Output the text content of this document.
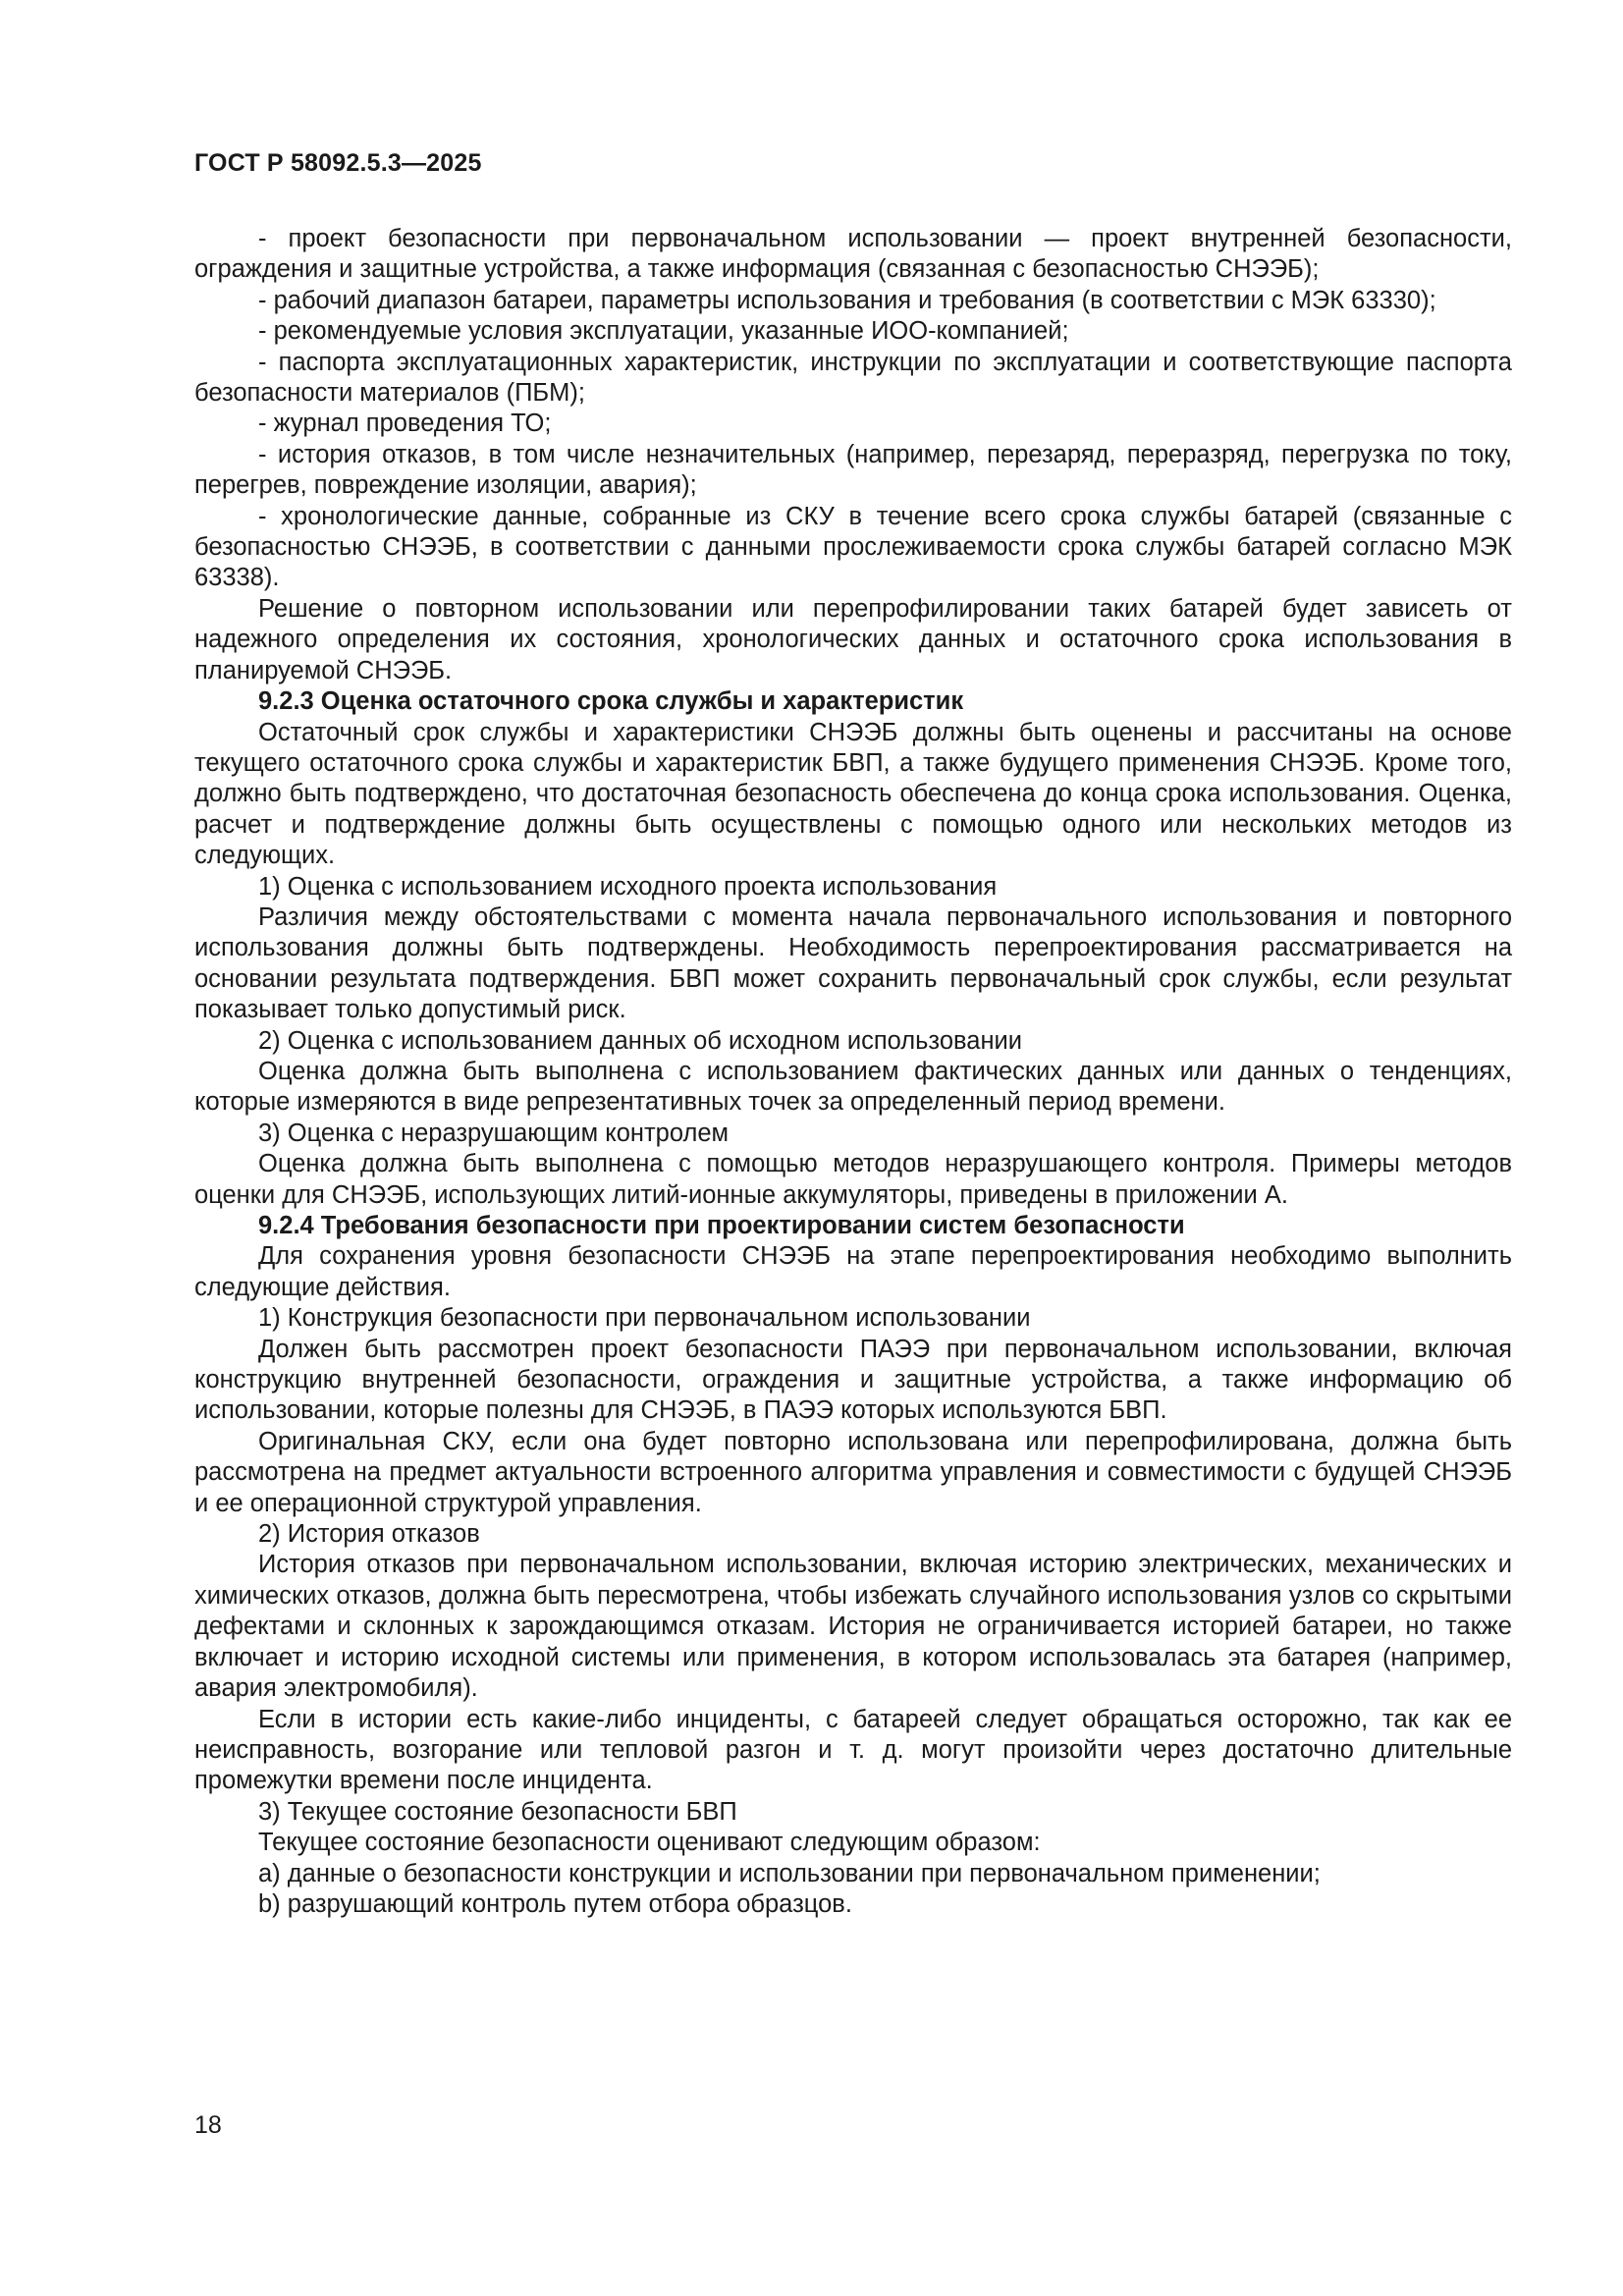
ГОСТ Р 58092.5.3—2025

- проект безопасности при первоначальном использовании — проект внутренней безопасности, ограждения и защитные устройства, а также информация (связанная с безопасностью СНЭЭБ);

- рабочий диапазон батареи, параметры использования и требования (в соответствии с МЭК 63330);

- рекомендуемые условия эксплуатации, указанные ИОО-компанией;

- паспорта эксплуатационных характеристик, инструкции по эксплуатации и соответствующие паспорта безопасности материалов (ПБМ);

- журнал проведения ТО;

- история отказов, в том числе незначительных (например, перезаряд, переразряд, перегрузка по току, перегрев, повреждение изоляции, авария);

- хронологические данные, собранные из СКУ в течение всего срока службы батарей (связанные с безопасностью СНЭЭБ, в соответствии с данными прослеживаемости срока службы батарей согласно МЭК 63338).

Решение о повторном использовании или перепрофилировании таких батарей будет зависеть от надежного определения их состояния, хронологических данных и остаточного срока использования в планируемой СНЭЭБ.

9.2.3 Оценка остаточного срока службы и характеристик

Остаточный срок службы и характеристики СНЭЭБ должны быть оценены и рассчитаны на основе текущего остаточного срока службы и характеристик БВП, а также будущего применения СНЭЭБ. Кроме того, должно быть подтверждено, что достаточная безопасность обеспечена до конца срока использования. Оценка, расчет и подтверждение должны быть осуществлены с помощью одного или нескольких методов из следующих.

1) Оценка с использованием исходного проекта использования

Различия между обстоятельствами с момента начала первоначального использования и повторного использования должны быть подтверждены. Необходимость перепроектирования рассматривается на основании результата подтверждения. БВП может сохранить первоначальный срок службы, если результат показывает только допустимый риск.

2) Оценка с использованием данных об исходном использовании

Оценка должна быть выполнена с использованием фактических данных или данных о тенденциях, которые измеряются в виде репрезентативных точек за определенный период времени.

3) Оценка с неразрушающим контролем

Оценка должна быть выполнена с помощью методов неразрушающего контроля. Примеры методов оценки для СНЭЭБ, использующих литий-ионные аккумуляторы, приведены в приложении А.

9.2.4 Требования безопасности при проектировании систем безопасности

Для сохранения уровня безопасности СНЭЭБ на этапе перепроектирования необходимо выполнить следующие действия.

1) Конструкция безопасности при первоначальном использовании

Должен быть рассмотрен проект безопасности ПАЭЭ при первоначальном использовании, включая конструкцию внутренней безопасности, ограждения и защитные устройства, а также информацию об использовании, которые полезны для СНЭЭБ, в ПАЭЭ которых используются БВП.

Оригинальная СКУ, если она будет повторно использована или перепрофилирована, должна быть рассмотрена на предмет актуальности встроенного алгоритма управления и совместимости с будущей СНЭЭБ и ее операционной структурой управления.

2) История отказов

История отказов при первоначальном использовании, включая историю электрических, механических и химических отказов, должна быть пересмотрена, чтобы избежать случайного использования узлов со скрытыми дефектами и склонных к зарождающимся отказам. История не ограничивается историей батареи, но также включает и историю исходной системы или применения, в котором использовалась эта батарея (например, авария электромобиля).

Если в истории есть какие-либо инциденты, с батареей следует обращаться осторожно, так как ее неисправность, возгорание или тепловой разгон и т. д. могут произойти через достаточно длительные промежутки времени после инцидента.

3) Текущее состояние безопасности БВП

Текущее состояние безопасности оценивают следующим образом:

a) данные о безопасности конструкции и использовании при первоначальном применении;

b) разрушающий контроль путем отбора образцов.

18
